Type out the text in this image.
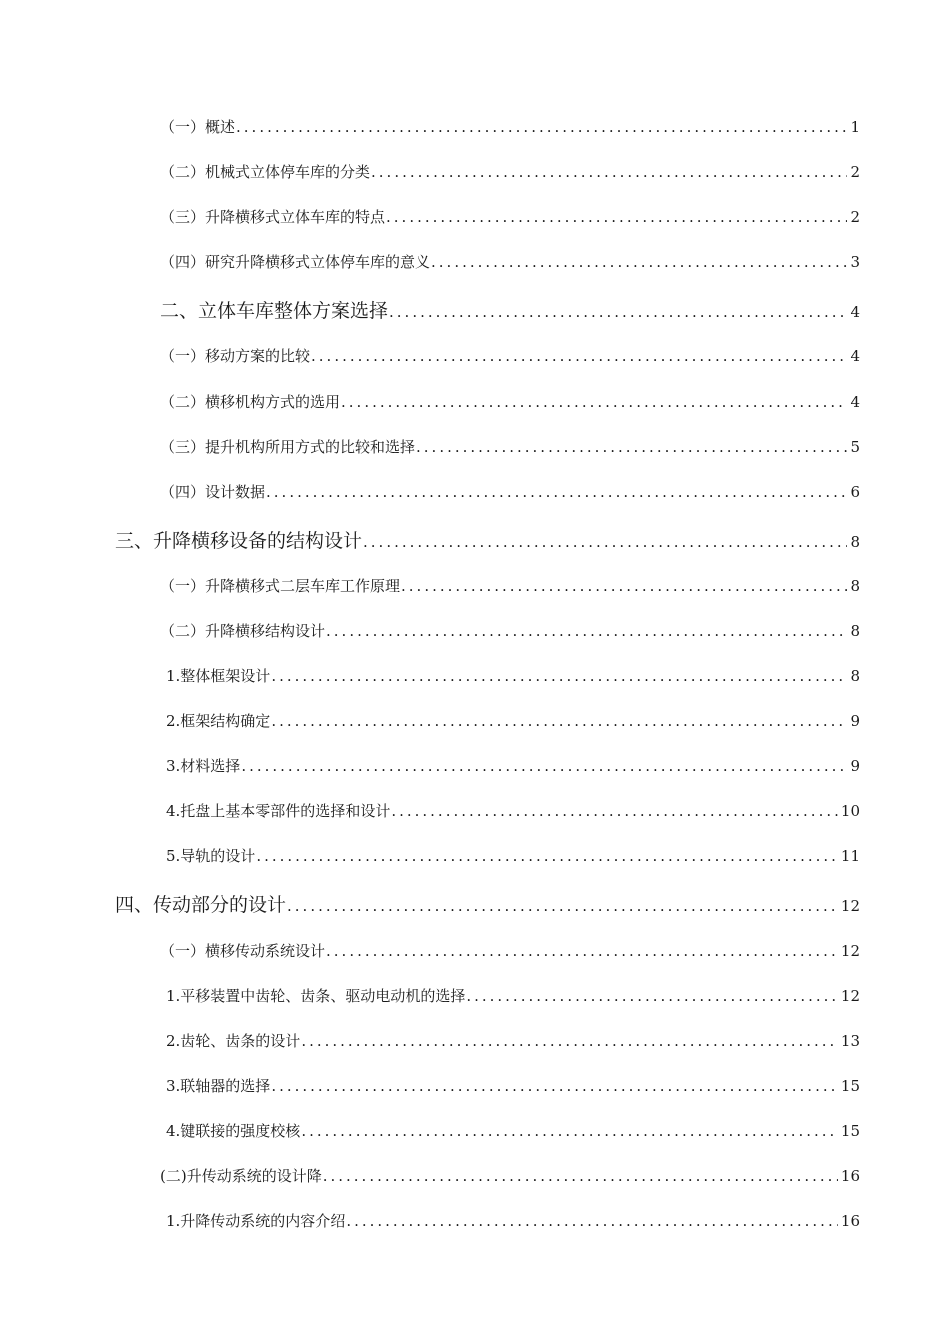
（一）概述 .....	1
（二）机械式立体停车库的分类 .....	2
（三）升降横移式立体车库的特点 .....	2
（四）研究升降横移式立体停车库的意义 .....	3
二、立体车库整体方案选择 .....	4
（一）移动方案的比较 .....	4
（二）横移机构方式的选用 .....	4
（三）提升机构所用方式的比较和选择 .....	5
（四）设计数据 .....	6
三、升降横移设备的结构设计 .....	8
（一）升降横移式二层车库工作原理 .....	8
（二）升降横移结构设计 .....	8
1.整体框架设计 .....	8
2.框架结构确定 .....	9
3.材料选择 .....	9
4.托盘上基本零部件的选择和设计 .....	10
5.导轨的设计 .....	11
四、传动部分的设计 .....	12
（一）横移传动系统设计 .....	12
1.平移装置中齿轮、齿条、驱动电动机的选择 .....	12
2.齿轮、齿条的设计 .....	13
3.联轴器的选择 .....	15
4.键联接的强度校核 .....	15
(二)升传动系统的设计降 .....	16
1.升降传动系统的内容介绍 .....	16
